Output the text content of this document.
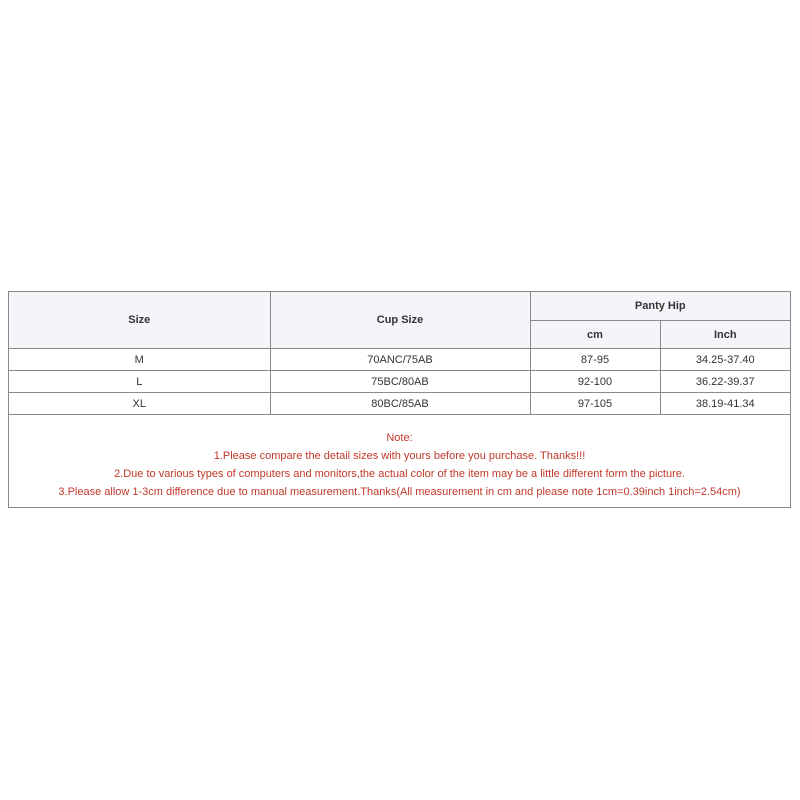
Size	Cup Size	Panty Hip	
		cm	Inch
M	70ANC/75AB	87-95	34.25-37.40
L	75BC/80AB	92-100	36.22-39.37
XL	80BC/85AB	97-105	38.19-41.34
Note:
1.Please compare the detail sizes with yours before you purchase. Thanks!!!
2.Due to various types of computers and monitors,the actual color of the item may be a little different form the picture.
3.Please allow 1-3cm difference due to manual measurement.Thanks(All measurement in cm and please note 1cm=0.39inch 1inch=2.54cm)
